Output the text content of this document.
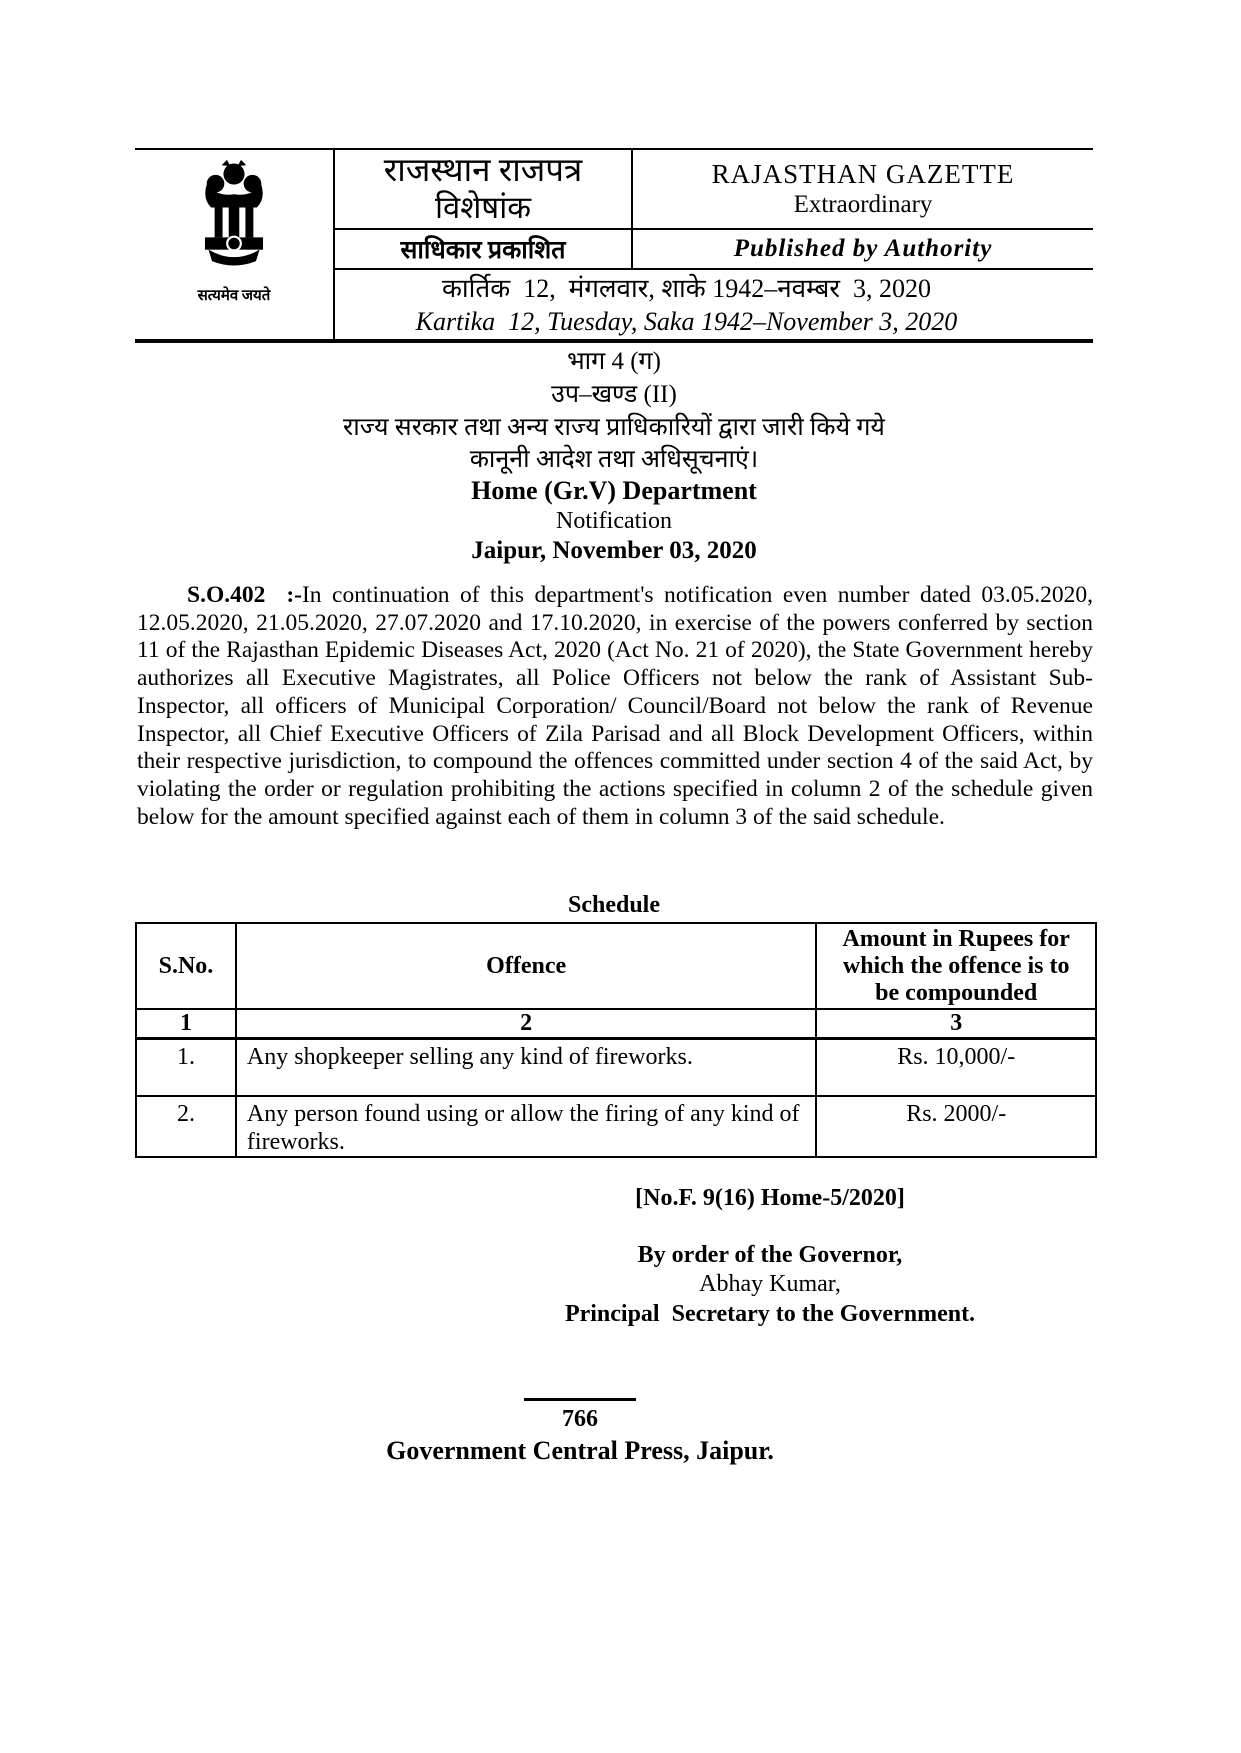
सत्यमेव जयते
राजस्थान राजपत्र
विशेषांक
RAJASTHAN GAZETTE
Extraordinary
साधिकार प्रकाशित	Published by Authority
कार्तिक  12,  मंगलवार, शाके 1942–नवम्बर  3, 2020
Kartika  12, Tuesday, Saka 1942–November 3, 2020
भाग 4 (ग)
उप–खण्ड (II)
राज्य सरकार तथा अन्य राज्य प्राधिकारियों द्वारा जारी किये गये
कानूनी आदेश तथा अधिसूचनाएं।
Home (Gr.V) Department
Notification
Jaipur, November 03, 2020

S.O.402  :-In continuation of this department's notification even number dated 03.05.2020, 12.05.2020, 21.05.2020, 27.07.2020 and 17.10.2020, in exercise of the powers conferred by section 11 of the Rajasthan Epidemic Diseases Act, 2020 (Act No. 21 of 2020), the State Government hereby authorizes all Executive Magistrates, all Police Officers not below the rank of Assistant Sub-Inspector, all officers of Municipal Corporation/ Council/Board not below the rank of Revenue Inspector, all Chief Executive Officers of Zila Parisad and all Block Development Officers, within their respective jurisdiction, to compound the offences committed under section 4 of the said Act, by violating the order or regulation prohibiting the actions specified in column 2 of the schedule given below for the amount specified against each of them in column 3 of the said schedule.

Schedule
S.No.	Offence	Amount in Rupees for which the offence is to be compounded
1	2	3
1.	Any shopkeeper selling any kind of fireworks.	Rs. 10,000/-
2.	Any person found using or allow the firing of any kind of fireworks.	Rs. 2000/-
[No.F. 9(16) Home-5/2020]
By order of the Governor,
Abhay Kumar,
Principal  Secretary to the Government.
766
Government Central Press, Jaipur.
